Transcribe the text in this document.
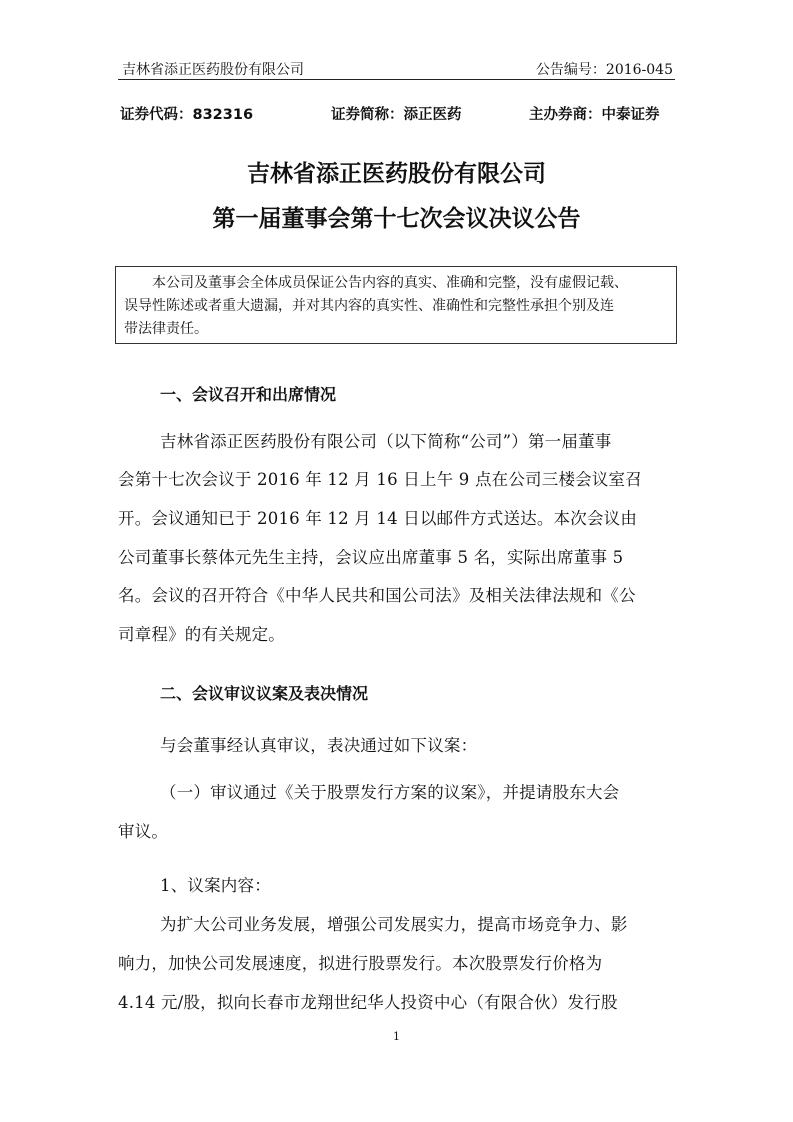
吉林省添正医药股份有限公司	公告编号：2016-045
证券代码：832316	证券简称：添正医药	主办券商：中泰证券
吉林省添正医药股份有限公司
第一届董事会第十七次会议决议公告

本公司及董事会全体成员保证公告内容的真实、准确和完整，没有虚假记载、

误导性陈述或者重大遗漏，并对其内容的真实性、准确性和完整性承担个别及连
带法律责任。
一、会议召开和出席情况
吉林省添正医药股份有限公司（以下简称“公司”）第一届董事
会第十七次会议于 2016 年 12 月 16 日上午 9 点在公司三楼会议室召
开。会议通知已于 2016 年 12 月 14 日以邮件方式送达。本次会议由
公司董事长蔡体元先生主持，会议应出席董事 5 名，实际出席董事 5
名。会议的召开符合《中华人民共和国公司法》及相关法律法规和《公
司章程》的有关规定。
二、会议审议议案及表决情况
与会董事经认真审议，表决通过如下议案：
（一）审议通过《关于股票发行方案的议案》，并提请股东大会
审议。
1、议案内容：
为扩大公司业务发展，增强公司发展实力，提高市场竞争力、影
响力，加快公司发展速度，拟进行股票发行。本次股票发行价格为
4.14 元/股，拟向长春市龙翔世纪华人投资中心（有限合伙）发行股
1
